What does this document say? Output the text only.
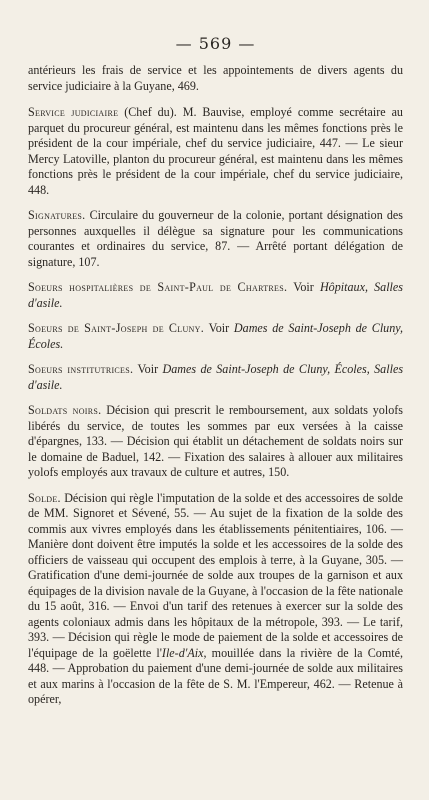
— 569 —

antérieurs les frais de service et les appointements de divers agents du service judiciaire à la Guyane, 469.

Service judiciaire (Chef du). M. Bauvise, employé comme secrétaire au parquet du procureur général, est maintenu dans les mêmes fonctions près le président de la cour impériale, chef du service judiciaire, 447. — Le sieur Mercy Latoville, planton du procureur général, est maintenu dans les mêmes fonctions près le président de la cour impériale, chef du service judiciaire, 448.

Signatures. Circulaire du gouverneur de la colonie, portant désignation des personnes auxquelles il délègue sa signature pour les communications courantes et ordinaires du service, 87. — Arrêté portant délégation de signature, 107.

Soeurs hospitalières de Saint-Paul de Chartres. Voir Hôpitaux, Salles d'asile.

Soeurs de Saint-Joseph de Cluny. Voir Dames de Saint-Joseph de Cluny, Écoles.

Soeurs institutrices. Voir Dames de Saint-Joseph de Cluny, Écoles, Salles d'asile.

Soldats noirs. Décision qui prescrit le remboursement, aux soldats yolofs libérés du service, de toutes les sommes par eux versées à la caisse d'épargnes, 133. — Décision qui établit un détachement de soldats noirs sur le domaine de Baduel, 142. — Fixation des salaires à allouer aux militaires yolofs employés aux travaux de culture et autres, 150.

Solde. Décision qui règle l'imputation de la solde et des accessoires de solde de MM. Signoret et Sévené, 55. — Au sujet de la fixation de la solde des commis aux vivres employés dans les établissements pénitentiaires, 106. — Manière dont doivent être imputés la solde et les accessoires de la solde des officiers de vaisseau qui occupent des emplois à terre, à la Guyane, 305. — Gratification d'une demi-journée de solde aux troupes de la garnison et aux équipages de la division navale de la Guyane, à l'occasion de la fête nationale du 15 août, 316. — Envoi d'un tarif des retenues à exercer sur la solde des agents coloniaux admis dans les hôpitaux de la métropole, 393. — Le tarif, 393. — Décision qui règle le mode de paiement de la solde et accessoires de l'équipage de la goëlette l'Ile-d'Aix, mouillée dans la rivière de la Comté, 448. — Approbation du paiement d'une demi-journée de solde aux militaires et aux marins à l'occasion de la fête de S. M. l'Empereur, 462. — Retenue à opérer,
